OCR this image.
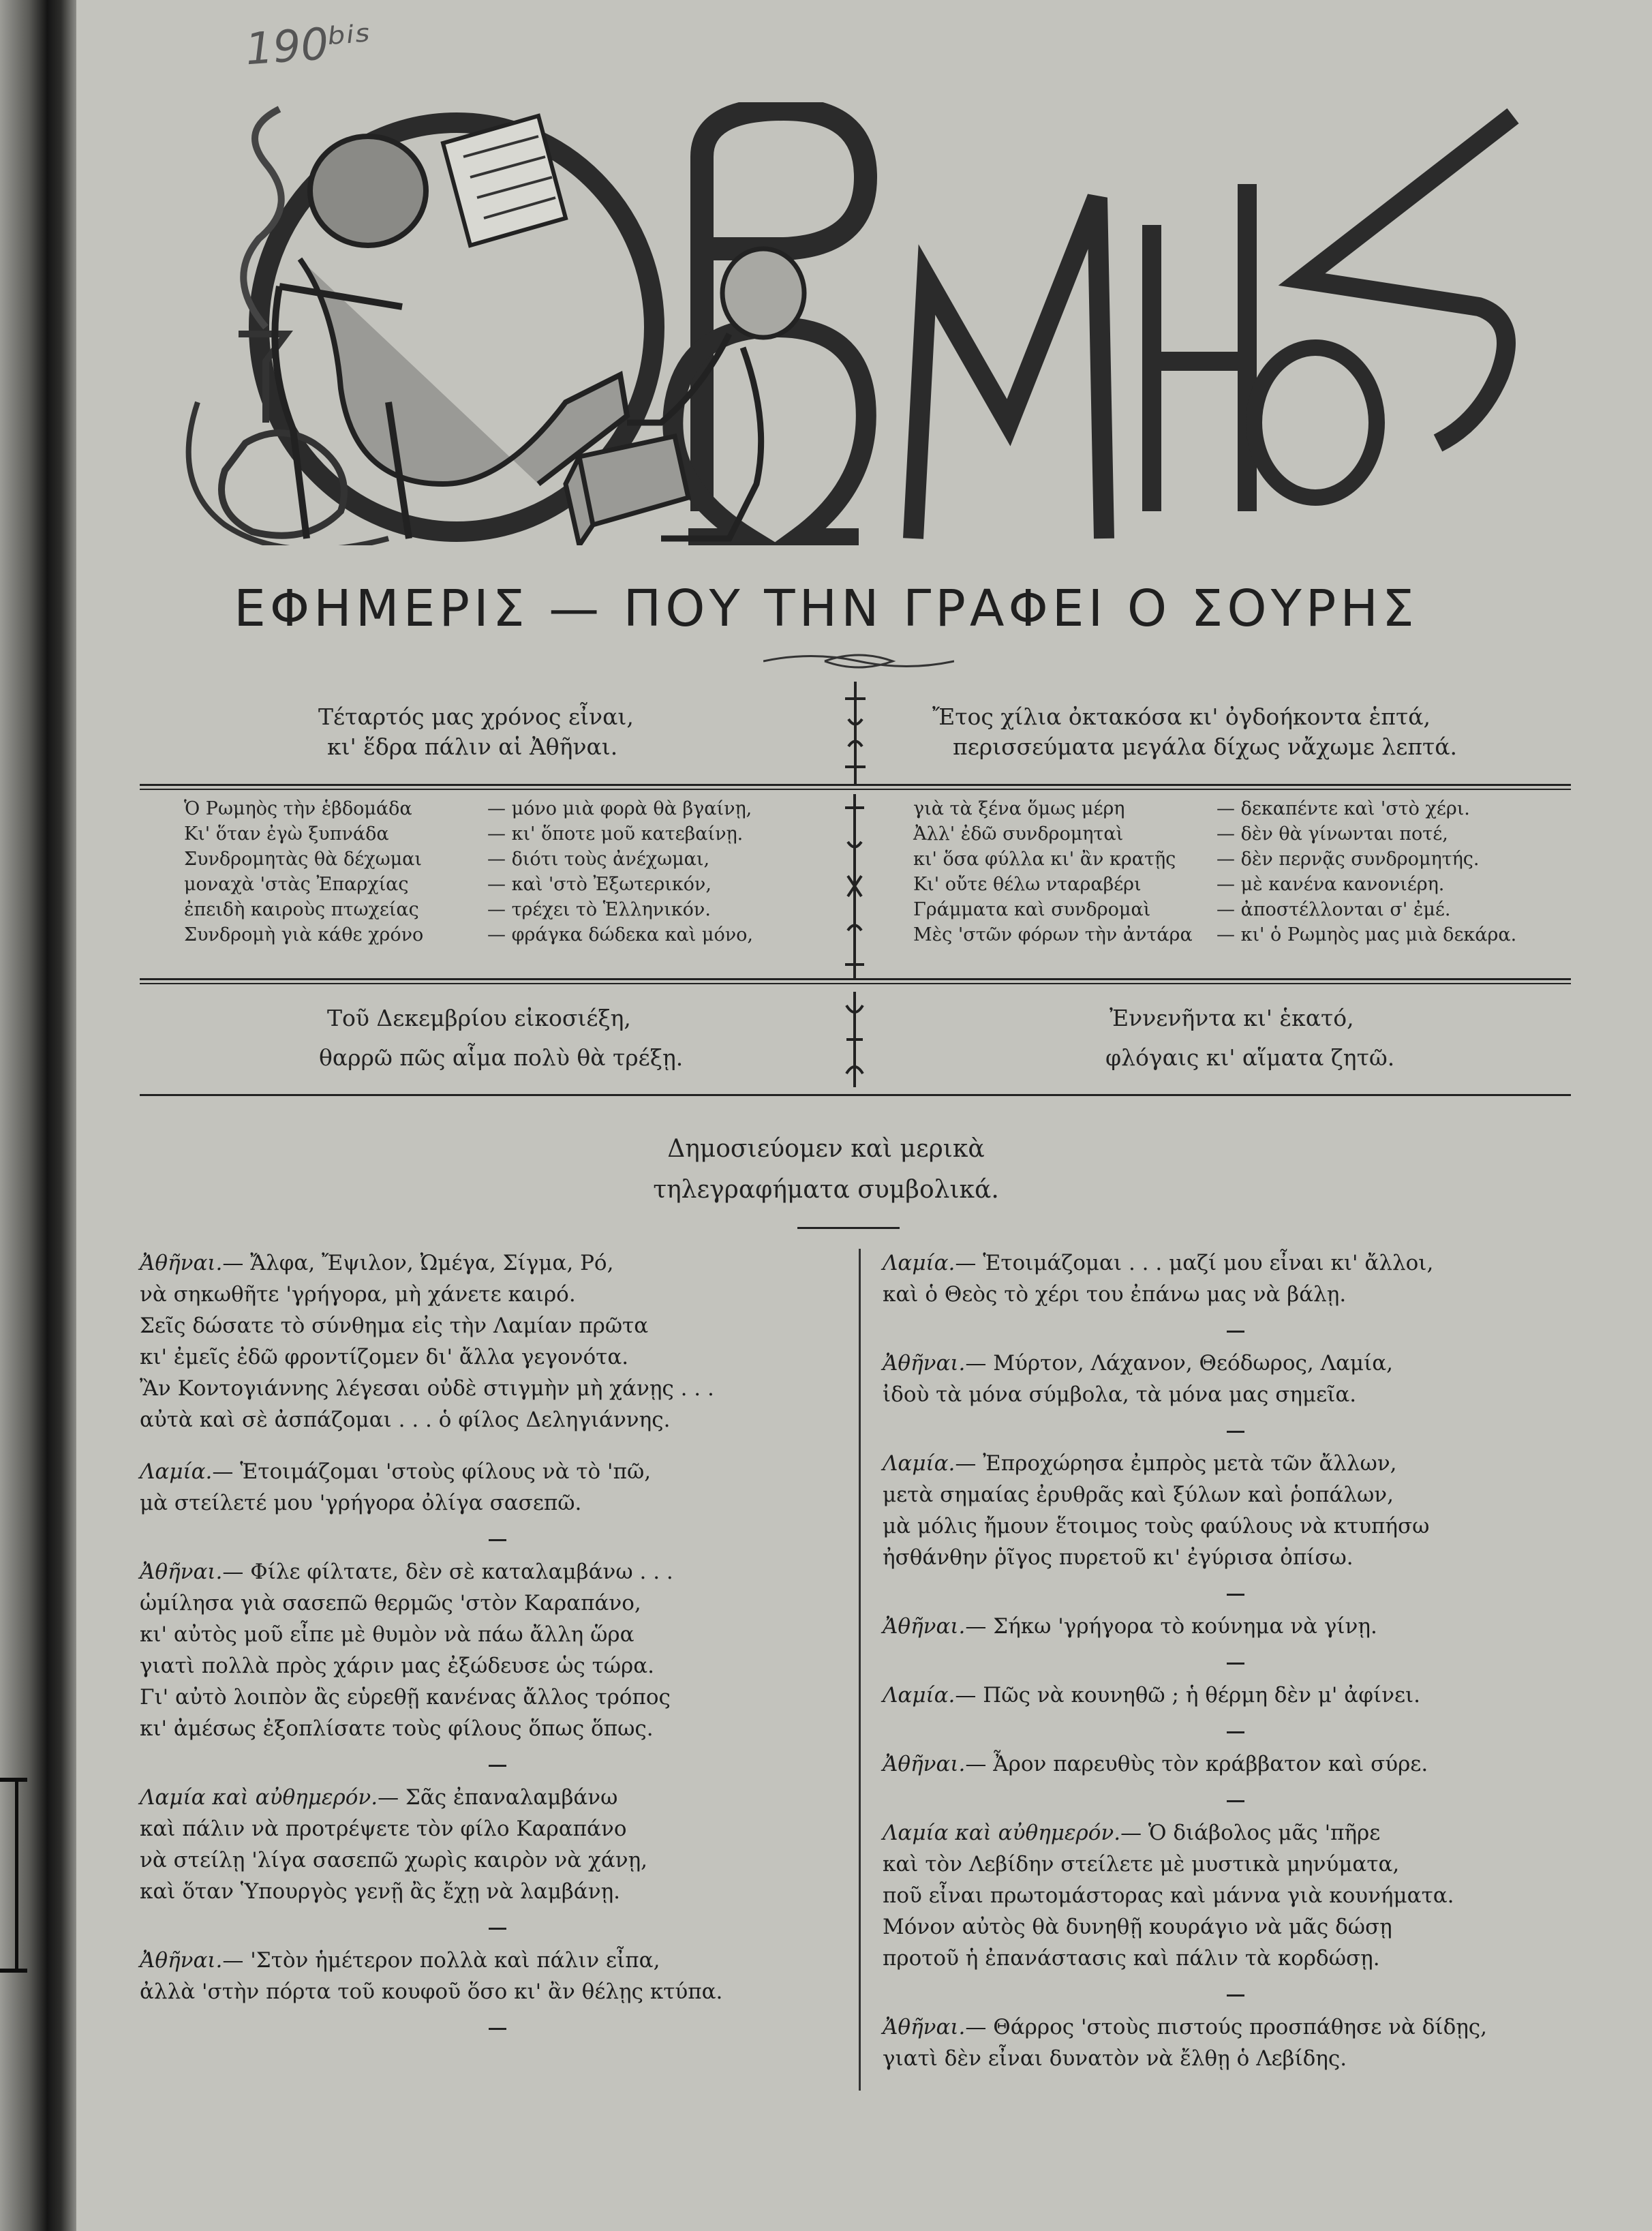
190ᵇⁱˢ
ΕΦΗΜΕΡΙΣ — ΠΟΥ ΤΗΝ ΓΡΑΦΕΙ Ο ΣΟΥΡΗΣ
Τέταρτός μας χρόνος εἶναι,
κι' ἕδρα πάλιν αἱ Ἀθῆναι.
Ἔτος χίλια ὀκτακόσα κι' ὀγδοήκοντα ἑπτά,
περισσεύματα μεγάλα δίχως νἄχωμε λεπτά.
Ὁ Ρωμηὸς τὴν ἑβδομάδα	— μόνο μιὰ φορὰ θὰ βγαίνῃ,
Κι' ὅταν ἐγὼ ξυπνάδα	— κι' ὅποτε μοῦ κατεβαίνῃ.
Συνδρομητὰς θὰ δέχωμαι	— διότι τοὺς ἀνέχωμαι,
μοναχὰ 'στὰς Ἐπαρχίας	— καὶ 'στὸ Ἐξωτερικόν,
ἐπειδὴ καιροὺς πτωχείας	— τρέχει τὸ Ἑλληνικόν.
Συνδρομὴ γιὰ κάθε χρόνο	— φράγκα δώδεκα καὶ μόνο,
γιὰ τὰ ξένα ὅμως μέρη	— δεκαπέντε καὶ 'στὸ χέρι.
Ἀλλ' ἐδῶ συνδρομηταὶ	— δὲν θὰ γίνωνται ποτέ,
κι' ὅσα φύλλα κι' ἂν κρατῇς	— δὲν περνᾷς συνδρομητής.
Κι' οὔτε θέλω νταραβέρι	— μὲ κανένα κανονιέρη.
Γράμματα καὶ συνδρομαὶ	— ἀποστέλλονται σ' ἐμέ.
Μὲς 'στῶν φόρων τὴν ἀντάρα	— κι' ὁ Ρωμηὸς μας μιὰ δεκάρα.
Τοῦ Δεκεμβρίου εἰκοσιέξη,
θαρρῶ πῶς αἷμα πολὺ θὰ τρέξῃ.
Ἐννενῆντα κι' ἑκατό,
φλόγαις κι' αἵματα ζητῶ.
Δημοσιεύομεν καὶ μερικὰ
τηλεγραφήματα συμβολικά.
Ἀθῆναι.— Ἄλφα, Ἔψιλον, Ὠμέγα, Σίγμα, Ρό,
νὰ σηκωθῆτε 'γρήγορα, μὴ χάνετε καιρό.
Σεῖς δώσατε τὸ σύνθημα εἰς τὴν Λαμίαν πρῶτα
κι' ἐμεῖς ἐδῶ φροντίζομεν δι' ἄλλα γεγονότα.
Ἂν Κοντογιάννης λέγεσαι οὐδὲ στιγμὴν μὴ χάνῃς . . .
αὐτὰ καὶ σὲ ἀσπάζομαι . . . ὁ φίλος Δεληγιάννης.
Λαμία.— Ἑτοιμάζομαι 'στοὺς φίλους νὰ τὸ 'πῶ,
μὰ στείλετέ μου 'γρήγορα ὀλίγα σασεπῶ.
Ἀθῆναι.— Φίλε φίλτατε, δὲν σὲ καταλαμβάνω . . .
ὡμίλησα γιὰ σασεπῶ θερμῶς 'στὸν Καραπάνο,
κι' αὐτὸς μοῦ εἶπε μὲ θυμὸν νὰ πάω ἄλλη ὥρα
γιατὶ πολλὰ πρὸς χάριν μας ἐξώδευσε ὡς τώρα.
Γι' αὐτὸ λοιπὸν ἂς εὑρεθῇ κανένας ἄλλος τρόπος
κι' ἀμέσως ἐξοπλίσατε τοὺς φίλους ὅπως ὅπως.
Λαμία καὶ αὐθημερόν.— Σᾶς ἐπαναλαμβάνω
καὶ πάλιν νὰ προτρέψετε τὸν φίλο Καραπάνο
νὰ στείλῃ 'λίγα σασεπῶ χωρὶς καιρὸν νὰ χάνῃ,
καὶ ὅταν Ὑπουργὸς γενῇ ἂς ἔχῃ νὰ λαμβάνῃ.
Ἀθῆναι.— 'Στὸν ἡμέτερον πολλὰ καὶ πάλιν εἶπα,
ἀλλὰ 'στὴν πόρτα τοῦ κουφοῦ ὅσο κι' ἂν θέλῃς κτύπα.
Λαμία.— Ἑτοιμάζομαι . . . μαζί μου εἶναι κι' ἄλλοι,
καὶ ὁ Θεὸς τὸ χέρι του ἐπάνω μας νὰ βάλῃ.
Ἀθῆναι.— Μύρτον, Λάχανον, Θεόδωρος, Λαμία,
ἰδοὺ τὰ μόνα σύμβολα, τὰ μόνα μας σημεῖα.
Λαμία.— Ἐπροχώρησα ἐμπρὸς μετὰ τῶν ἄλλων,
μετὰ σημαίας ἐρυθρᾶς καὶ ξύλων καὶ ῥοπάλων,
μὰ μόλις ἤμουν ἕτοιμος τοὺς φαύλους νὰ κτυπήσω
ἠσθάνθην ῥῖγος πυρετοῦ κι' ἐγύρισα ὀπίσω.
Ἀθῆναι.— Σήκω 'γρήγορα τὸ κούνημα νὰ γίνῃ.
Λαμία.— Πῶς νὰ κουνηθῶ ; ἡ θέρμη δὲν μ' ἀφίνει.
Ἀθῆναι.— Ἆρον παρευθὺς τὸν κράββατον καὶ σύρε.
Λαμία καὶ αὐθημερόν.— Ὁ διάβολος μᾶς 'πῆρε
καὶ τὸν Λεβίδην στείλετε μὲ μυστικὰ μηνύματα,
ποῦ εἶναι πρωτομάστορας καὶ μάννα γιὰ κουνήματα.
Μόνον αὐτὸς θὰ δυνηθῇ κουράγιο νὰ μᾶς δώσῃ
προτοῦ ἡ ἐπανάστασις καὶ πάλιν τὰ κορδώσῃ.
Ἀθῆναι.— Θάρρος 'στοὺς πιστούς προσπάθησε νὰ δίδῃς,
γιατὶ δὲν εἶναι δυνατὸν νὰ ἔλθῃ ὁ Λεβίδης.
